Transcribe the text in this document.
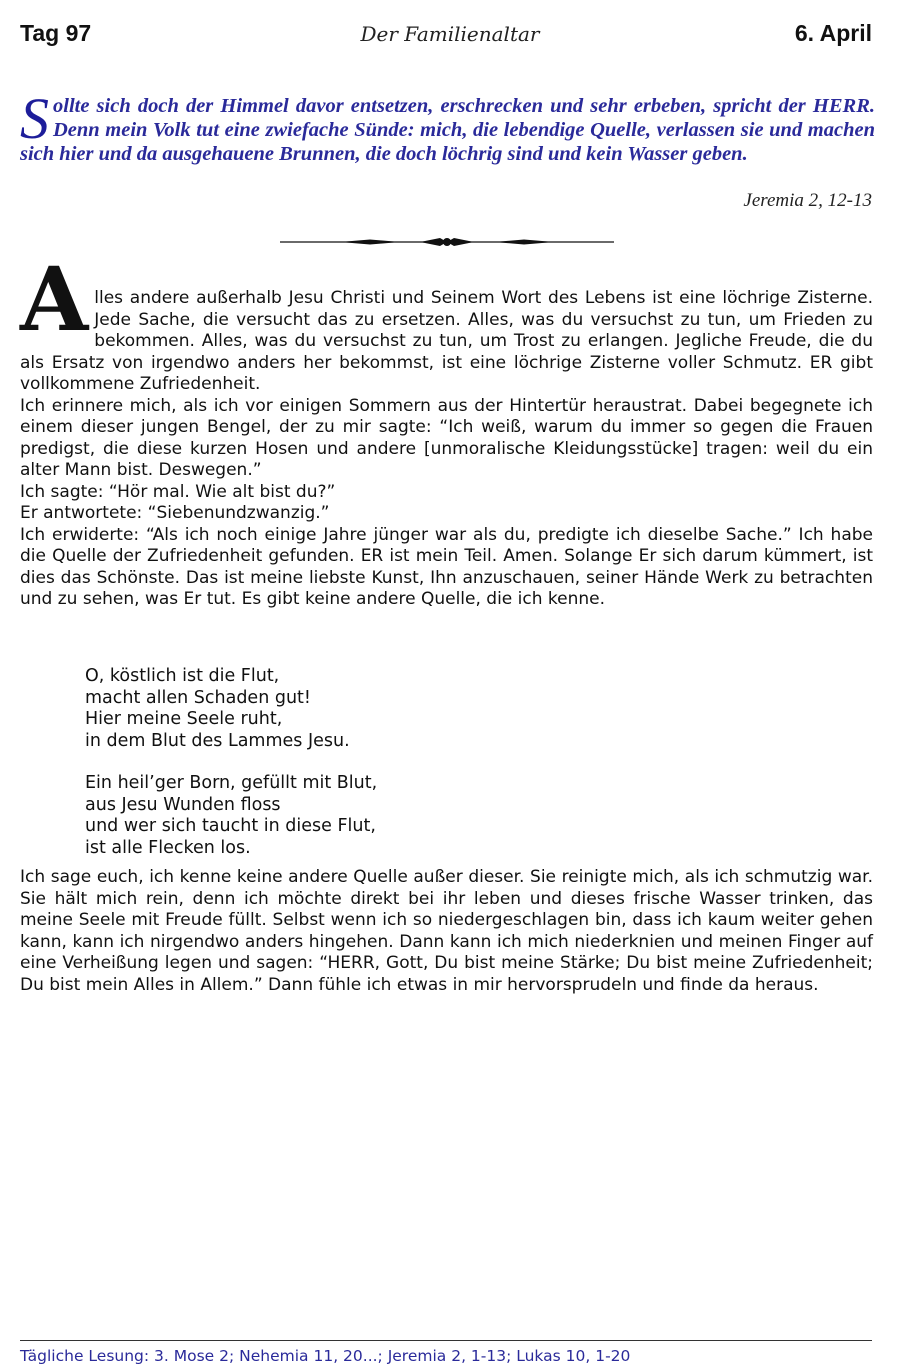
Tag 97	Der Familienaltar	6. April
Sollte sich doch der Himmel davor entsetzen, erschrecken und sehr erbeben, spricht der HERR. Denn mein Volk tut eine zwiefache Sünde: mich, die lebendige Quelle, verlassen sie und machen sich hier und da ausgehauene Brunnen, die doch löchrig sind und kein Wasser geben.
Jeremia 2, 12-13

Alles andere außerhalb Jesu Christi und Seinem Wort des Lebens ist eine löchrige Zisterne. Jede Sache, die versucht das zu ersetzen. Alles, was du versuchst zu tun, um Frieden zu bekommen. Alles, was du versuchst zu tun, um Trost zu erlangen. Jegliche Freude, die du als Ersatz von irgendwo anders her bekommst, ist eine löchrige Zisterne voller Schmutz. ER gibt vollkommene Zufriedenheit.

Ich erinnere mich, als ich vor einigen Sommern aus der Hintertür heraustrat. Dabei begegnete ich einem dieser jungen Bengel, der zu mir sagte: “Ich weiß, warum du immer so gegen die Frauen predigst, die diese kurzen Hosen und andere [unmoralische Kleidungsstücke] tragen: weil du ein alter Mann bist. Deswegen.”

Ich sagte: “Hör mal. Wie alt bist du?”

Er antwortete: “Siebenundzwanzig.”

Ich erwiderte: “Als ich noch einige Jahre jünger war als du, predigte ich dieselbe Sache.” Ich habe die Quelle der Zufriedenheit gefunden. ER ist mein Teil. Amen. Solange Er sich darum kümmert, ist dies das Schönste. Das ist meine liebste Kunst, Ihn anzuschauen, seiner Hände Werk zu betrachten und zu sehen, was Er tut. Es gibt keine andere Quelle, die ich kenne.

O, köstlich ist die Flut,
macht allen Schaden gut!
Hier meine Seele ruht,
in dem Blut des Lammes Jesu.
Ein heil’ger Born, gefüllt mit Blut,
aus Jesu Wunden floss
und wer sich taucht in diese Flut,
ist alle Flecken los.
Ich sage euch, ich kenne keine andere Quelle außer dieser. Sie reinigte mich, als ich schmutzig war. Sie hält mich rein, denn ich möchte direkt bei ihr leben und dieses frische Wasser trinken, das meine Seele mit Freude füllt. Selbst wenn ich so niedergeschlagen bin, dass ich kaum weiter gehen kann, kann ich nirgendwo anders hingehen. Dann kann ich mich niederknien und meinen Finger auf eine Verheißung legen und sagen: “HERR, Gott, Du bist meine Stärke; Du bist meine Zufriedenheit; Du bist mein Alles in Allem.” Dann fühle ich etwas in mir hervorsprudeln und finde da heraus.
Tägliche Lesung: 3. Mose 2; Nehemia 11, 20...; Jeremia 2, 1-13; Lukas 10, 1-20
